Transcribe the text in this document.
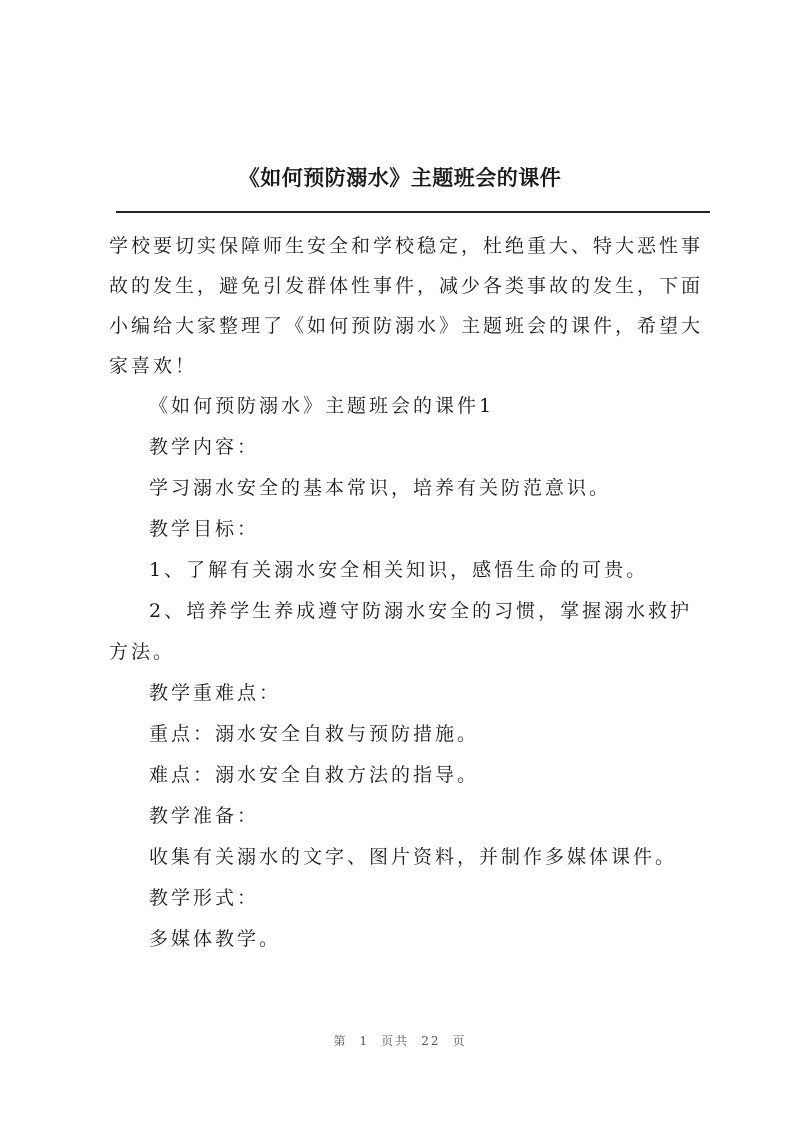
《如何预防溺水》主题班会的课件

学校要切实保障师生安全和学校稳定，杜绝重大、特大恶性事故的发生，避免引发群体性事件，减少各类事故的发生，下面小编给大家整理了《如何预防溺水》主题班会的课件，希望大家喜欢！

《如何预防溺水》主题班会的课件1

教学内容：

学习溺水安全的基本常识，培养有关防范意识。

教学目标：

1、了解有关溺水安全相关知识，感悟生命的可贵。

2、培养学生养成遵守防溺水安全的习惯，掌握溺水救护方法。

教学重难点：

重点：溺水安全自救与预防措施。

难点：溺水安全自救方法的指导。

教学准备：

收集有关溺水的文字、图片资料，并制作多媒体课件。

教学形式：

多媒体教学。

第 1 页共 22 页
